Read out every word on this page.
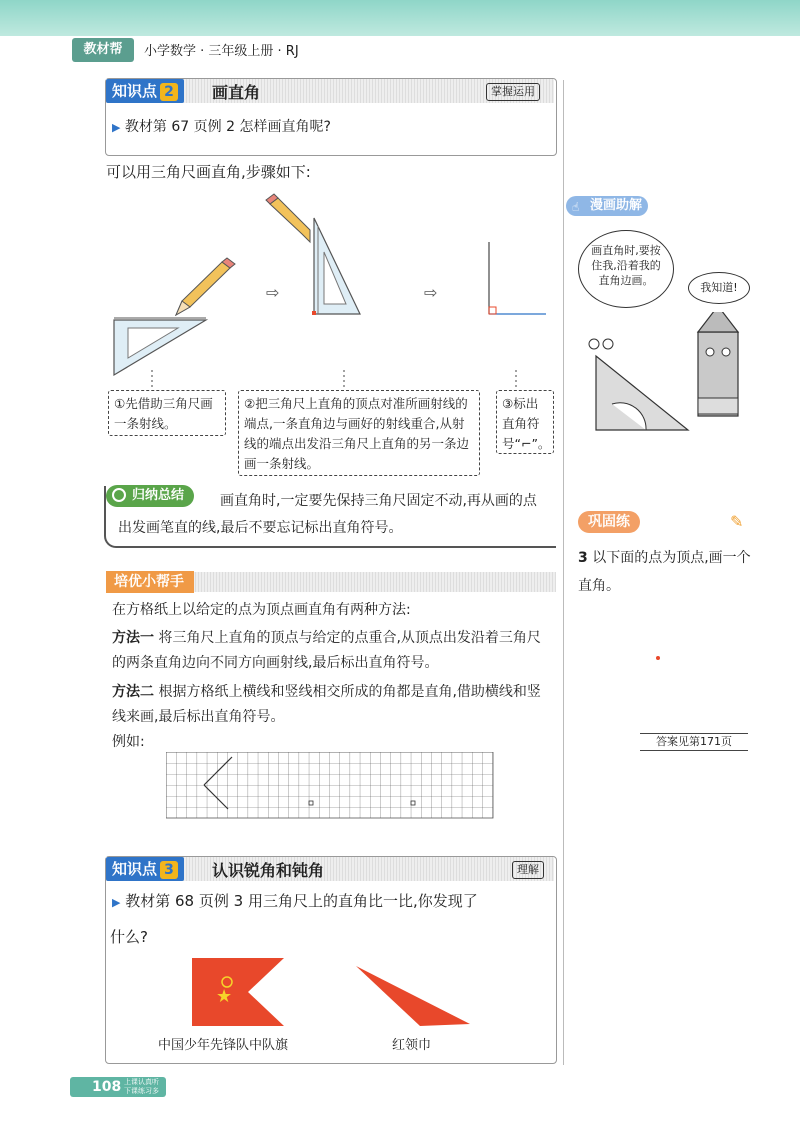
教材帮	小学数学 · 三年级上册 · RJ
知识点 2	画直角	掌握运用
▶ 教材第 67 页例 2 怎样画直角呢?
可以用三角尺画直角,步骤如下:
⇨	⇨
①先借助三角尺画一条射线。
②把三角尺上直角的顶点对准所画射线的端点,一条直角边与画好的射线重合,从射线的端点出发沿三角尺上直角的另一条边画一条射线。
③标出直角符号“⌐”。
归纳总结	画直角时,一定要先保持三角尺固定不动,再从画的点出发画笔直的线,最后不要忘记标出直角符号。
培优小帮手
在方格纸上以给定的点为顶点画直角有两种方法:
方法一 将三角尺上直角的顶点与给定的点重合,从顶点出发沿着三角尺的两条直角边向不同方向画射线,最后标出直角符号。
方法二 根据方格纸上横线和竖线相交所成的角都是直角,借助横线和竖线来画,最后标出直角符号。
例如:
知识点 3	认识锐角和钝角	理解
▶ 教材第 68 页例 3 用三角尺上的直角比一比,你发现了
什么?
★
中国少年先锋队中队旗	红领巾
☝ 漫画助解
画直角时,要按住我,沿着我的直角边画。
我知道!
巩固练	✎
3 以下面的点为顶点,画一个直角。
答案见第171页
108 上课认真听
下课练习多
